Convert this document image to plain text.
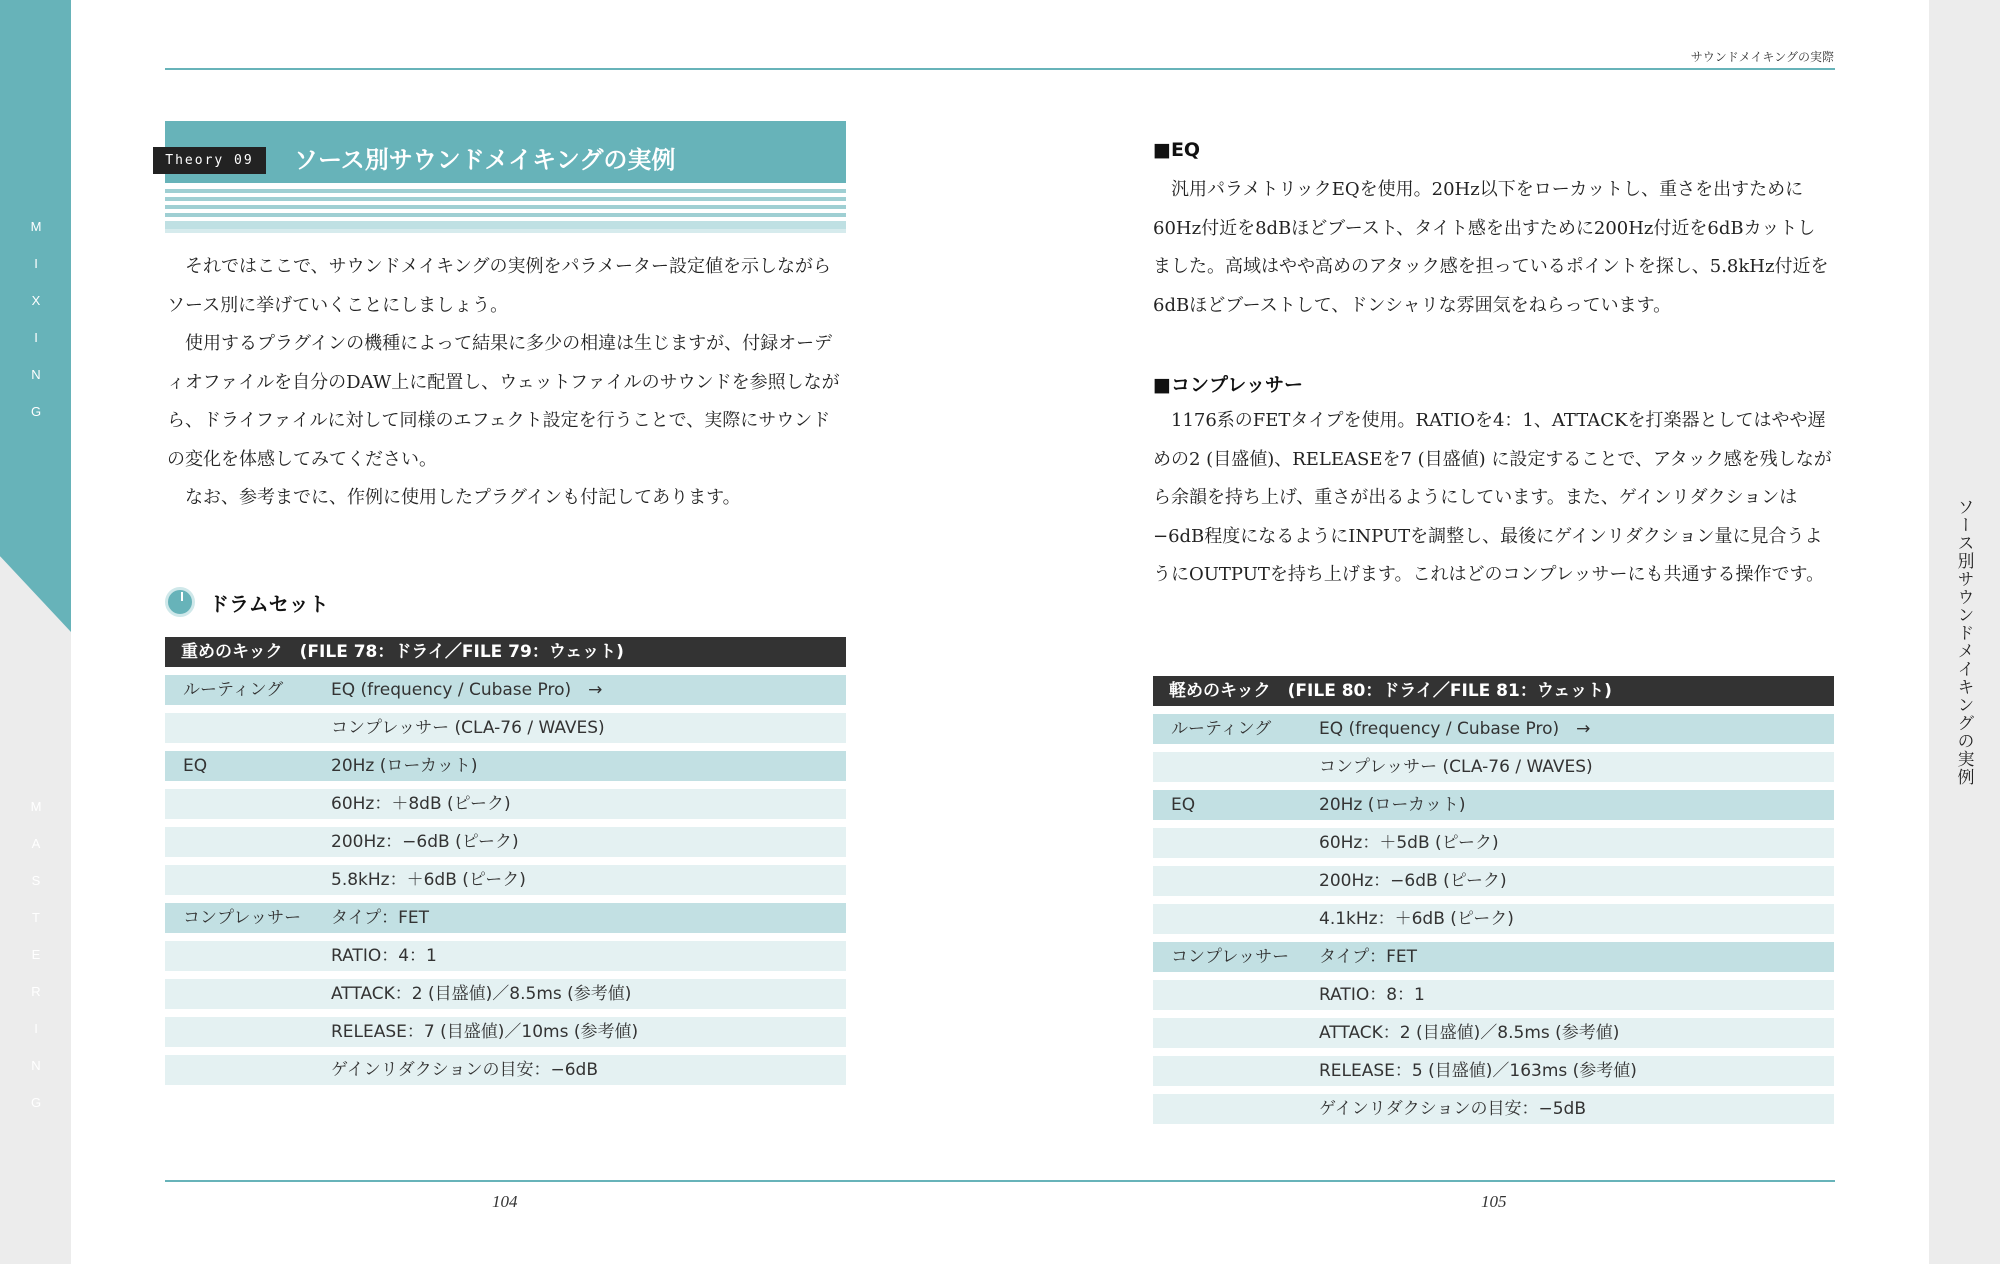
M
I
X
I
N
G
M
A
S
T
E
R
I
N
G
ソース別サウンドメイキングの実例
サウンドメイキングの実際
Theory 09	ソース別サウンドメイキングの実例

それではここで、サウンドメイキングの実例をパラメーター設定値を示しながらソース別に挙げていくことにしましょう。

使用するプラグインの機種によって結果に多少の相違は生じますが、付録オーディオファイルを自分のDAW上に配置し、ウェットファイルのサウンドを参照しながら、ドライファイルに対して同様のエフェクト設定を行うことで、実際にサウンドの変化を体感してみてください。

なお、参考までに、作例に使用したプラグインも付記してあります。

ドラムセット
重めのキック　(FILE 78：ドライ／FILE 79：ウェット)
ルーティング	EQ (frequency / Cubase Pro)　→
コンプレッサー (CLA-76 / WAVES)
EQ	20Hz (ローカット)
60Hz：＋8dB (ピーク)
200Hz：−6dB (ピーク)
5.8kHz：＋6dB (ピーク)
コンプレッサー	タイプ：FET
RATIO：4：1
ATTACK：2 (目盛値)／8.5ms (参考値)
RELEASE：7 (目盛値)／10ms (参考値)
ゲインリダクションの目安：−6dB
■EQ

汎用パラメトリックEQを使用。20Hz以下をローカットし、重さを出すために60Hz付近を8dBほどブースト、タイト感を出すために200Hz付近を6dBカットしました。高域はやや高めのアタック感を担っているポイントを探し、5.8kHz付近を6dBほどブーストして、ドンシャリな雰囲気をねらっています。

■コンプレッサー

1176系のFETタイプを使用。RATIOを4：1、ATTACKを打楽器としてはやや遅めの2 (目盛値)、RELEASEを7 (目盛値) に設定することで、アタック感を残しながら余韻を持ち上げ、重さが出るようにしています。また、ゲインリダクションは−6dB程度になるようにINPUTを調整し、最後にゲインリダクション量に見合うようにOUTPUTを持ち上げます。これはどのコンプレッサーにも共通する操作です。

軽めのキック　(FILE 80：ドライ／FILE 81：ウェット)
ルーティング	EQ (frequency / Cubase Pro)　→
コンプレッサー (CLA-76 / WAVES)
EQ	20Hz (ローカット)
60Hz：＋5dB (ピーク)
200Hz：−6dB (ピーク)
4.1kHz：＋6dB (ピーク)
コンプレッサー	タイプ：FET
RATIO：8：1
ATTACK：2 (目盛値)／8.5ms (参考値)
RELEASE：5 (目盛値)／163ms (参考値)
ゲインリダクションの目安：−5dB
104	105
